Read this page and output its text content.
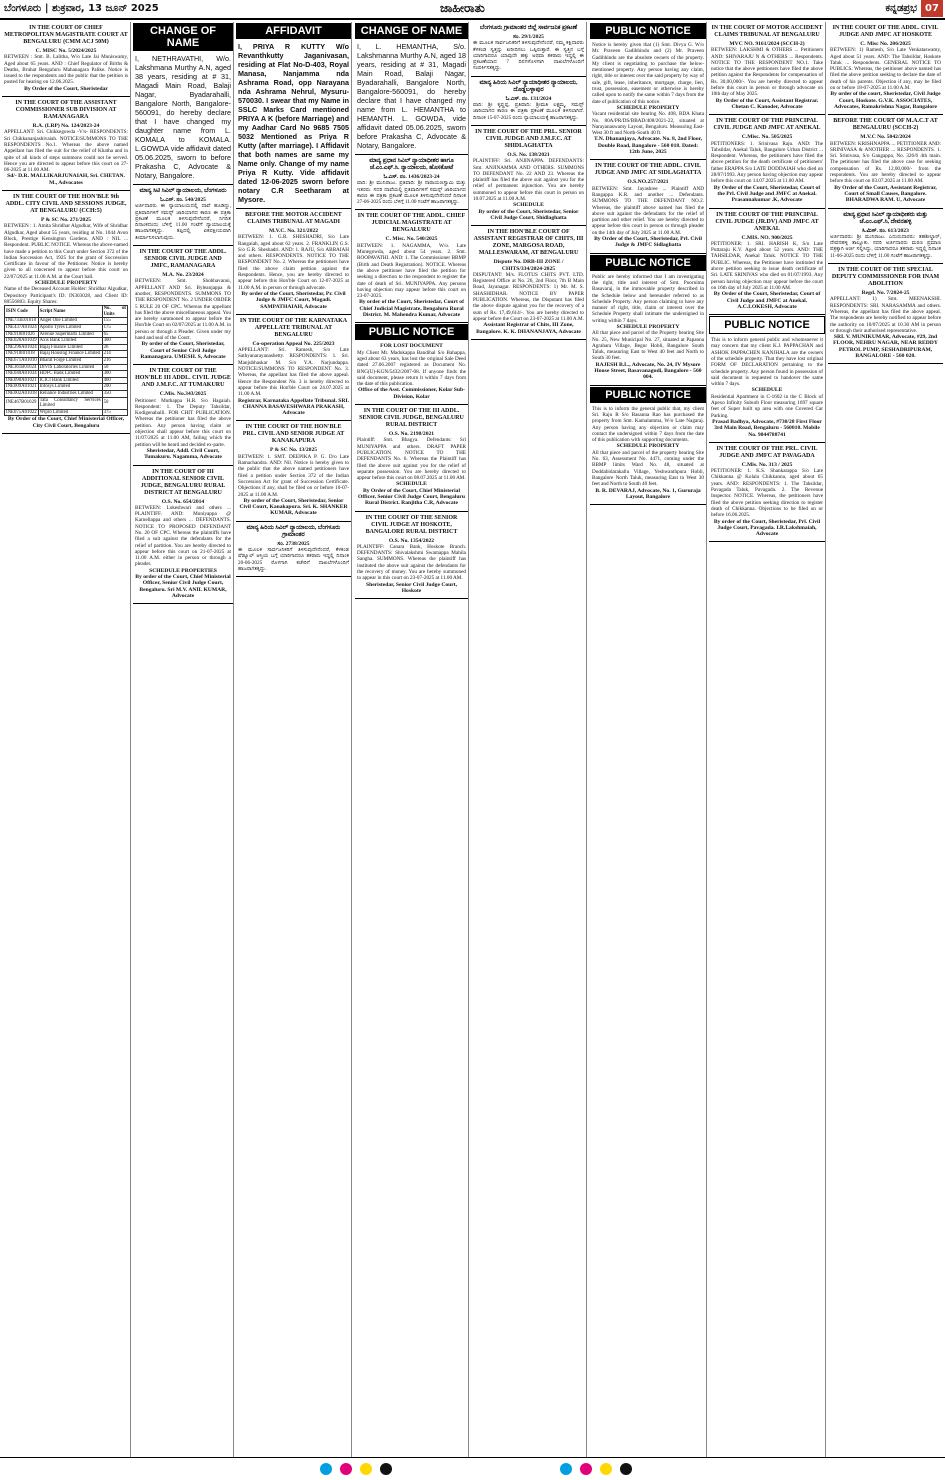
ಬೆಂಗಳೂರು | ಶುಕ್ರವಾರ, 13 ಜೂನ್ 2025	ಜಾಹೀರಾತು	ಕನ್ನಡಪ್ರಭ 07
IN THE COURT OF CHIEF METROPOLITAN MAGISTRATE COURT AT BENGALURU (CMM ACJ 50M)
C. MISC No. 5/2024/2025
BETWEEN : Smt. B. Lalitha, W/o Late Jai Muniswamy, Aged about 65 years. AND : Chief Regulator of Births & Deaths, Bruhat Bengaluru Mahanagara Palike. Notice is issued to the respondents and the public that the petition is posted for hearing on 12.06.2025.
By Order of the Court, Sheristedar
IN THE COURT OF THE ASSISTANT COMMISSIONER SUB DIVISION AT RAMANAGARA
R.A. (LRP) No. 124/2023-24
APPELLANT: Sri. Chikkegowda -V/s- RESPONDENTS: Sri Chikkananjashivaiah. NOTICE/SUMMONS TO THE RESPONDENTS No.1. Whereas the above named Appellant has filed the suit for the relief of Khatha and in spite of all kinds of steps summons could not be served. Hence you are directed to appear before this court on 27-06-2025 at 11.00 AM.
Sd/- D.R. MALLIKARJUNAIAH, Sri. CHETAN. M., Advocates
IN THE COURT OF THE HON'BLE 9th ADDL. CITY CIVIL AND SESSIONS JUDGE, AT BENGALURU (CCH:5)
P & SC No. 271/2025
BETWEEN : 1. Amita Shridhar Algudkar, Wife of Shridhar Algudkar, Aged about 55 years, residing at No. 1044 Avon Block, Prestige Kensington Gardens. AND : NIL ... Respondent. PUBLIC NOTICE. Whereas the above-named have made a petition to this Court under Section 372 of the Indian Succession Act, 1925 for the grant of Succession Certificate in favour of the Petitioner. Notice is hereby given to all concerned to appear before this court on 22/07/2025 at 11.00 A.M. at the Court hall.
SCHEDULE PROPERTY
Name of the Deceased Account Holder: Shridhar Algudkar, Depository Participant's ID: IN303028, and Client ID: 80556803. Equity Shares:
ISIN Code	Script Name	No. of Units
INE733E01010	Angel One Limited	155
INE437A01024	Apollo Tyres Limited	175
INE918I01026	Avenue Supermarts Limited	65
INE028A01039	Axis Bank Limited	300
INE296A01024	Bajaj Finance Limited	26
INE918I01018	Bajaj Housing Finance Limited	214
INE671A01010	Bharat Forge Limited	216
INE361B01024	DIVIS Laboratories Limited	50
INE040A01034	HDFC Bank Limited	300
INE090A01021	ICICI Bank Limited	460
INE009A01021	Infosys Limited	200
INE002A01018	Reliance Industries Limited	350
INE467B01029	Tata Consultancy Services Limited	50
INE075A01022	Wipro Limited	375
By Order of the Court, Chief Ministerial Officer, City Civil Court, Bengaluru
CHANGE OF NAME
I, NETHRAVATHI, W/o. Lakshmana Murthy A.N, aged 38 years, residing at # 31, Magadi Main Road, Balaji Nagar, Byadarahalli, Bangalore North, Bangalore-560091, do hereby declare that I have changed my daughter name from L. KOMALA to KOMALA. L.GOWDA vide affidavit dated 05.06.2025, sworn to before Prakasha C, Advocate & Notary, Bangalore.
ಮಾನ್ಯ ಸಿಟಿ ಸಿವಿಲ್ ನ್ಯಾಯಾಲಯ, ಬೆಂಗಳೂರು
ಓ.ಎಸ್. ನಂ. 540/2025
ಅರ್ಜಿದಾರರು ಈ ನ್ಯಾಯಾಲಯದಲ್ಲಿ ದಾವೆ ಹೂಡಿದ್ದು, ಪ್ರತಿವಾದಿಗಳಿಗೆ ಸಮನ್ಸ್ ಜಾರಿಯಾಗದ ಕಾರಣ ಈ ಪತ್ರಿಕಾ ಪ್ರಕಟಣೆ ಮೂಲಕ ತಿಳಿಸುವುದೇನೆಂದರೆ, ನಿಗದಿತ ದಿನಾಂಕದಂದು ಬೆಳಿಗ್ಗೆ 11.00 ಗಂಟೆಗೆ ನ್ಯಾಯಾಲಯಕ್ಕೆ ಹಾಜರಾಗತಕ್ಕದ್ದು. ತಪ್ಪಿದಲ್ಲಿ ಏಕಪಕ್ಷೀಯವಾಗಿ ತೀರ್ಮಾನಿಸಲಾಗುವುದು.
IN THE COURT OF THE ADDL. SENIOR CIVIL JUDGE AND JMFC, RAMANAGARA
M.A. No. 23/2024
BETWEEN: Smt. Shobhavanni, APPELLANT AND Sri. Byleanjappa & another, RESPONDENTS. SUMMONS TO THE RESPONDENT No. 2 UNDER ORDER 5 RULE 20 OF CPC. Whereas the appellant has filed the above miscellaneous appeal. You are hereby summoned to appear before the Hon'ble Court on 02/07/2025 at 11.00 A.M. in person or through a Pleader. Given under my hand and seal of the Court.
By order of the Court, Sheristedar, Court of Senior Civil Judge Ramanagara. UMESH. S, Advocate
IN THE COURT OF THE HON'BLE III ADDL. CIVIL JUDGE AND J.M.F.C. AT TUMAKURU
C.Mis. No.343/2025
Petitioner: Muthappa H.R. S/o Hagaiah. Respondent: 1. The Deputy Tahsildar, Kodigenahalli. FOR CHIT PUBLICATION. Whereas the petitioner has filed the above petition. Any person having claim or objection shall appear before this court on 11/07/2025 at 11.00 AM, failing which the petition will be heard and decided ex-parte.
Sheristedar, Addl. Civil Court, Tumakuru. Nagamma, Advocate
IN THE COURT OF III ADDITIONAL SENIOR CIVIL JUDGE, BENGALURU RURAL DISTRICT AT BENGALURU
O.S. No. 654/2014
BETWEEN: Lokeshwari and others ... PLAINTIFF. AND: Muniyappa @ Karnellappa and others ... DEFENDANTS. NOTICE TO PROPOSED DEFENDANT No. 20 OF CPC. Whereas the plaintiffs have filed a suit against the defendants for the relief of partition. You are hereby directed to appear before this court on 21-07-2025 at 11.00 A.M. either in person or through a pleader.
SCHEDULE PROPERTIES
By order of the Court, Chief Ministerial Officer, Senior Civil Judge Court, Bengaluru. Sri M.V. ANIL KUMAR, Advocate
AFFIDAVIT
I, PRIYA R KUTTY W/o Revanthkutty Jaganivasan, residing at Flat No-D-403, Royal Manasa, Nanjamma nda Ashrama Road, opp Narayana nda Ashrama Nehrul, Mysuru-570030. I swear that my Name in SSLC Marks Card mentioned PRIYA A K (before Marriage) and my Aadhar Card No 9685 7505 5032 Mentioned as Priya R Kutty (after marriage). I Affidavit that both names are same my Name only. Change of my name Priya R Kutty. Vide affidavit dated 12-06-2025 sworn before notary C.R Seetharam at Mysore.
BEFORE THE MOTOR ACCIDENT CLAIMS TRIBUNAL AT MAGADI
M.V.C. No. 321/2022
BETWEEN: 1. G.R. SHESHADRI, S/o Late Rangaiah, aged about 62 years. 2. FRANKLIN G.S. S/o G.R. Sheshadri. AND: 1. RAJU, S/o ABBAIAH and others. RESPONDENTS. NOTICE TO THE RESPONDENT No. 2. Whereas the petitioners have filed the above claim petition against the Respondents. Hence, you are hereby directed to appear before this Hon'ble Court on 12-07-2025 at 11.00 A.M. in person or through advocate.
By order of the Court, Sheristedar, Pr. Civil Judge & JMFC Court, Magadi. SAMPATHAIAH, Advocate
IN THE COURT OF THE KARNATAKA APPELLATE TRIBUNAL AT BENGALURU
Co-operation Appeal No. 225/2023
APPELLANT: Sri. Ramesh, S/o Late Sathyanarayanashetty. RESPONDENTS: 1. Sri. Manjubhaskar M. S/o Y.A. Narjundappa. NOTICE/SUMMONS TO RESPONDENT No. 3. Whereas, the appellant has filed the above appeal. Hence the Respondent No. 3 is hereby directed to appear before this Hon'ble Court on 24.07.2025 at 11.00 A.M.
Registrar, Karnataka Appellate Tribunal. SRI. CHANNA BASAVESHWARA PRAKASH, Advocate
IN THE COURT OF THE HON'BLE PRL. CIVIL AND SENIOR JUDGE AT KANAKAPURA
P & SC No. 13/2025
BETWEEN: 1. SMT. DEEPIKA P. G. D/o Late Ramachandra. AND: Nil. Notice is hereby given to the public that the above named petitioners have filed a petition under Section 372 of the Indian Succession Act for grant of Succession Certificate. Objections if any, shall be filed on or before 10-07-2025 at 11.00 A.M.
By order of the Court, Sheristedar, Senior Civil Court, Kanakapura. Sri. K. SHANKER KUMAR, Advocate
ಮಾನ್ಯ ಹಿರಿಯ ಸಿವಿಲ್ ನ್ಯಾಯಾಲಯ, ಬೆಂಗಳೂರು ಗ್ರಾಮಾಂತರ
ಸಂ. 2738/2025
ಈ ಮೂಲಕ ಸಾರ್ವಜನಿಕರಿಗೆ ತಿಳಿಸುವುದೇನೆಂದರೆ, ಕೆಳಕಂಡ ಷೆಡ್ಯೂಲ್ ಆಸ್ತಿಯ ಬಗ್ಗೆ ಯಾರಿಗಾದರೂ ತಕರಾರು ಇದ್ದಲ್ಲಿ ದಿನಾಂಕ 20-06-2025 ರೊಳಗಾಗಿ ಕಚೇರಿಗೆ ದಾಖಲೆಗಳೊಂದಿಗೆ ಹಾಜರಾಗತಕ್ಕದ್ದು.
CHANGE OF NAME
I, L. HEMANTHA, S/o. Lakshmanna Murthy A.N, aged 18 years, residing at # 31, Magadi Main Road, Balaji Nagar, Byadarahalli, Bangalore North, Bangalore-560091, do hereby declare that I have changed my name from L. HEMANTHA to HEMANTH. L. GOWDA, vide affidavit dated 05.06.2025, sworn before Prakasha C, Advocate & Notary, Bangalore.
ಮಾನ್ಯ ಪ್ರಧಾನ ಸಿವಿಲ್ ನ್ಯಾಯಾಧೀಶರ ಹಾಗೂ ಜೆ.ಎಂ.ಎಫ್.ಸಿ. ನ್ಯಾಯಾಲಯ, ಹೊಸಕೋಟೆ
ಓ.ಎಸ್. ನಂ. 1436/2023-24
ವಾದಿ: ಶ್ರೀ ಮುನಿರಾಜು. ಪ್ರತಿವಾದಿ: ಶ್ರೀ ನಾರಾಯಣಸ್ವಾಮಿ ಮತ್ತು ಇತರರು. ಸದರಿ ದಾವೆಯಲ್ಲಿ ಪ್ರತಿವಾದಿಗಳಿಗೆ ಸಮನ್ಸ್ ಜಾರಿಯಾಗದ ಕಾರಣ ಈ ಪತ್ರಿಕಾ ಪ್ರಕಟಣೆ ಮೂಲಕ ತಿಳಿಸುವುದೇನೆಂದರೆ ದಿನಾಂಕ 27-06-2025 ರಂದು ಬೆಳಿಗ್ಗೆ 11.00 ಗಂಟೆಗೆ ಹಾಜರಾಗತಕ್ಕದ್ದು.
IN THE COURT OF THE ADDL. CHIEF JUDICIAL MAGISTRATE AT BENGALURU
C. Misc. No. 540/2025
BETWEEN: 1. NAGAMMA, W/o. Late Munegowda, aged about 54 years. 2. Smt. ROOPAVATHI. AND: 1. The Commissioner BBMP (Birth and Death Registration). NOTICE. Whereas the above petitioner have filed the petition for seeking a direction to the respondent to register the date of death of Sri. MUNIYAPPA. Any persons having objection may appear before this court on 23-07-2025.
By order of the Court, Sheristedar, Court of Chief Judicial Magistrate, Bengaluru Rural District. M. Mahendra Kumar, Advocate
PUBLIC NOTICE
FOR LOST DOCUMENT
My Client Mr. Madukappa Bandihal S/o Bahappa, aged about 63 years, has lost the original Sale Deed dated 27.06.2007 registered as Document No. BNG(U)-KGN/5432/2007-08. If anyone finds the said document, please return it within 7 days from the date of this publication.
Office of the Asst. Commissioner, Kolar Sub-Division, Kolar
IN THE COURT OF THE III ADDL. SENIOR CIVIL JUDGE, BENGALURU RURAL DISTRICT
O.S. No. 2198/2021
Plaintiff: Smt. Bhagya. Defendants: Sri MUNIYAPPA and others. DRAFT PAPER PUBLICATION. NOTICE TO THE DEFENDANTS No. 6. Whereas the Plaintiff has filed the above suit against you for the relief of separate possession. You are hereby directed to appear before this court on 08.07.2025 at 11.00 AM.
SCHEDULE
By Order of the Court, Chief Ministerial Officer, Senior Civil Judge Court, Bengaluru Rural District. Ranjitha C.R, Advocate
IN THE COURT OF THE SENIOR CIVIL JUDGE AT HOSKOTE, BANGALORE RURAL DISTRICT
O.S. No. 1354/2022
PLAINTIFF: Canara Bank, Hoskote Branch. DEFENDANTS: Shivalakshmi Swamappa Mahila Sangha. SUMMONS. Whereas the plaintiff has instituted the above suit against the defendants for the recovery of money. You are hereby summoned to appear in this court on 23-07-2025 at 11.00 AM.
Sheristedar, Senior Civil Judge Court, Hoskote
ಬೆಂಗಳೂರು ಗ್ರಾಮಾಂತರ ಜಿಲ್ಲೆ ಸಾರ್ವಜನಿಕ ಪ್ರಕಟಣೆ
ಸಂ. 29/1/2025
ಈ ಮೂಲಕ ಸಾರ್ವಜನಿಕರಿಗೆ ತಿಳಿಸುವುದೇನೆಂದರೆ, ನಮ್ಮ ಕಕ್ಷಿದಾರರು ಕೆಳಕಂಡ ಸ್ವತ್ತನ್ನು ಖರೀದಿಸಲು ಒಪ್ಪಿರುತ್ತಾರೆ. ಈ ಸ್ವತ್ತಿನ ಬಗ್ಗೆ ಯಾರಿಗಾದರೂ ಯಾವುದೇ ಹಕ್ಕು ಅಥವಾ ತಕರಾರು ಇದ್ದಲ್ಲಿ ಈ ಪ್ರಕಟಣೆಯಾದ 7 ದಿನಗಳೊಳಗಾಗಿ ದಾಖಲೆಗಳೊಂದಿಗೆ ಸಂಪರ್ಕಿಸತಕ್ಕದ್ದು.
ಮಾನ್ಯ ಹಿರಿಯ ಸಿವಿಲ್ ನ್ಯಾಯಾಧೀಶರ ನ್ಯಾಯಾಲಯ, ದೊಡ್ಡಬಳ್ಳಾಪುರ
ಓ.ಎಸ್. ನಂ. 131/2024
ವಾದಿ: ಶ್ರೀ ಕೃಷ್ಣಪ್ಪ. ಪ್ರತಿವಾದಿ: ಶ್ರೀಮತಿ ಲಕ್ಷ್ಮಮ್ಮ. ಸಮನ್ಸ್ ಜಾರಿಯಾಗದ ಕಾರಣ ಈ ಪತ್ರಿಕಾ ಪ್ರಕಟಣೆ ಮೂಲಕ ತಿಳಿಸಲಾಗಿದೆ. ದಿನಾಂಕ 15-07-2025 ರಂದು ನ್ಯಾಯಾಲಯಕ್ಕೆ ಹಾಜರಾಗತಕ್ಕದ್ದು.
IN THE COURT OF THE PRL. SENIOR CIVIL JUDGE AND J.M.F.C. AT SHIDLAGHATTA
O.S. No. 138/2021
PLAINTIFF: Sri. ANJINAPPA. DEFENDANTS: Smt. ANJINAMMA AND OTHERS. SUMMONS TO DEFENDANT No. 22 AND 23. Whereas the plaintiff has filed the above suit against you for the relief of permanent injunction. You are hereby summoned to appear before this court in person on 10.07.2025 at 11.00 A.M.
SCHEDULE
By order of the Court, Sheristedar, Senior Civil Judge Court, Shidlaghatta
IN THE HON'BLE COURT OF ASSISTANT REGISTRAR OF CHITS, III ZONE, MARGOSA ROAD, MALLESWARAM, AT BENGALURU
Dispute No. DRB-III ZONE / CHITS/334/2024-2025
DISPUTANT: M/s. FLOTUS CHITS PVT. LTD. Registered Office at No. 26, 2nd Floor, 7th B Main Road, Jayanagar. RESPONDENTS: 1) Mr. M. S. SHASHIDHAR. NOTICE BY PAPER PUBLICATION. Whereas, the Disputant has filed the above dispute against you for the recovery of a sum of Rs. 17,49,614/-. You are hereby directed to appear before the Court on 23-07-2025 at 11.00 A.M.
Assistant Registrar of Chits, III Zone, Bangalore. K. K. DHANANJAYA, Advocate
PUBLIC NOTICE
Notice is hereby given that (1) Smt. Divya G. W/o Mr. Praveen Gadibhindu and (2) Mr. Praveen Gadibhindu are the absolute owners of the property. My client is negotiating to purchase the below-mentioned property. Any person having any claim, right, title or interest over the said property by way of sale, gift, lease, inheritance, mortgage, charge, lien, trust, possession, easement or otherwise is hereby called upon to notify the same within 7 days from the date of publication of this notice.
SCHEDULE PROPERTY
Vacant residential site bearing No. 408, BDA Khata No. 80A/PR/DS/BBAD/408/2021-22, situated at Narayanaswamy Layout, Bengaluru. Measuring East-West 30 ft and North-South 40 ft.
T.N. Dhananjaya, Advocate. No. 8, 2nd Floor, Double Road, Bangalore - 560 018. Dated: 12th June, 2025
IN THE COURT OF THE ADDL. CIVIL JUDGE AND JMFC AT SIDLAGHATTA
O.S.NO.257/2021
BETWEEN: Smt. Jayashree ... Plaintiff AND Rangappa K.R. and another ... Defendants. SUMMONS TO THE DEFENDANT NO.2. Whereas, the plaintiff above named has filed the above suit against the defendants for the relief of partition and other relief. You are hereby directed to appear before this court in person or through pleader on the 14th day of July 2025 at 11.00 A.M.
By Order of the Court, Sheristedar, Prl. Civil Judge & JMFC Sidlaghatta
PUBLIC NOTICE
Public are hereby informed that I am investigating the right, title and interest of Smt. Poornima Basavaraj, in the immovable property described in the Schedule below and hereunder referred to as Schedule Property. Any person claiming to have any manner of right, title, claim or interest over the Schedule Property shall intimate the undersigned in writing within 7 days.
SCHEDULE PROPERTY
All that piece and parcel of the Property bearing Site No. 25, New Municipal No. 27, situated at Papanna Agrahara Village, Begur Hobli, Bangalore South Taluk, measuring East to West 40 feet and North to South 30 feet.
RAJESH B.L., Advocate, No. 24, IV Mysore House Street, Basavanagudi, Bangalore - 560 004.
PUBLIC NOTICE
This is to inform the general public that, my client Sri. Raju R S/o Basanna Rao has purchased the property from Smt. Kamalamma, W/o Late Nagaraj. Any person having any objection or claim may contact the undersigned within 7 days from the date of this publication with supporting documents.
SCHEDULE PROPERTY
All that piece and parcel of the property bearing Site No. 63, Assessment No. 4471, coming under the BBMP limits Ward No. 48, situated at Doddabidarakallu Village, Yeshwanthpura Hobli, Bangalore North Taluk, measuring East to West 30 feet and North to South 40 feet.
B. R. DEVARAJ, Advocate, No. 1, Gururaja Layout, Bangalore
IN THE COURT OF MOTOR ACCIDENT CLAIMS TRIBUNAL AT BENGALURU
MVC NO. 9161/2024 (SCCH-2)
BETWEEN: LAKSHMI & OTHERS ... Petitioners AND: SHIVARAJU N & OTHERS ... Respondents. NOTICE TO THE RESPONDENT NO.1. Take notice that the above petitioners have filed the above petition against the Respondents for compensation of Rs. 30,00,000/-. You are hereby directed to appear before this court in person or through advocate on 10th day of May 2025.
By Order of the Court, Assistant Registrar. Chetan C. Kanoder, Advocate
IN THE COURT OF THE PRINCIPAL CIVIL JUDGE AND JMFC AT ANEKAL
C.Misc. No. 505/2025
PETITIONERS: 1. Srinivasa Raju. AND: The Tahsildar, Anekal Taluk, Bangalore Urban District ... Respondent. Whereas, the petitioners have filed the above petition for the death certificate of petitioners' father ERAPPA S/o LATE DODDAIAH who died on 28/07/1993. Any person having objection may appear before this court on 14.07.2025 at 11.00 AM.
By Order of the Court, Sheristedar, Court of the Prl. Civil Judge and JMFC at Anekal. Prasannakumar .K, Advocate
IN THE COURT OF THE PRINCIPAL CIVIL JUDGE (JR.DV) AND JMFC AT ANEKAL
C.MIS. NO. 900/2025
PETITIONER: 1. SRI. HARISH K, S/o Late Puttaraju K.V. Aged about 52 years. AND: THE TAHSILDAR, Anekal Taluk. NOTICE TO THE PUBLIC. Whereas, the Petitioner have instituted the above petition seeking to issue death certificate of Sri. LATE SRINIVAS who died on 01/07/1993. Any person having objection may appear before the court on 16th day of July 2025 at 11.00 AM.
By Order of the Court, Sheristedar, Court of Civil Judge and JMFC at Anekal. A.C.LOKESH, Advocate
PUBLIC NOTICE
This is to inform general public and whomsoever it may concern that my client K.J. PAPPACHAN and ASHOK PAPPACHEN KANJHALA are the owners of the schedule property. That they have lost original FORM OF DECLARATION pertaining to the schedule property. Any person found in possession of said document is requested to handover the same within 7 days.
SCHEDULE
Residential Apartment in C-1602 in the C Block of Apexo Infinity Suburb Floor measuring 1697 square feet of Super built up area with one Covered Car Parking.
Prasad Badhya, Advocate, #730/28 First Floor 3rd Main Road, Bengaluru - 560010. Mobile No. 9844788741
IN THE COURT OF THE PRL. CIVIL JUDGE AND JMFC AT PAVAGADA
C.Mis. No. 313 / 2025
PETITIONER: 1. K.S. Shankarappa S/o Late Chikkanna @ Kolala Chikkanna, aged about 65 years. AND: RESPONDENTS: 1. The Tahsildar, Pavagada Taluk, Pavagada. 2. The Revenue Inspector. NOTICE. Whereas, the petitioners have filed the above petition seeking direction to register death of Chikkanna. Objections to be filed on or before 16.06.2025.
By order of the Court, Sheristedar, Prl. Civil Judge Court, Pavagada. I.R.Lakshmaiah, Advocate
IN THE COURT OF THE ADDL. CIVIL JUDGE AND JMFC AT HOSKOTE
C. Misc No. 206/2025
BETWEEN: 1) Ramesh, S/o Late Venkataswamy, Aged about 51 years. AND: The Tahsildar, Hoskote Taluk ... Respondents. GENERAL NOTICE TO PUBLICS. Whereas, the petitioner above named has filed the above petition seeking to declare the date of death of his parents. Objection if any, may be filed on or before 18-07-2025 at 11.00 A.M.
By order of the court, Sheristedar, Civil Judge Court, Hoskote. G.V.K. ASSOCIATES, Advocates, Ramakrishna Nagar, Bangalore
BEFORE THE COURT OF M.A.C.T AT BENGALURU (SCCH-2)
M.V.C No. 5042/2024
BETWEEN: KRISHNAPPA ... PETITIONER AND: SRINIVASA & ANOTHER ... RESPONDENTS. 1. Sri. Srinivasa, S/o Gangappa, No. 326/6 4th main. The petitioner has filed the above case for seeking compensation of Rs. 12,00,000/- from the respondents. You are hereby directed to appear before this court on 03.07.2025 at 11.00 AM.
By Order of the Court, Assistant Registrar, Court of Small Causes, Bangalore. BHARADWA RAM. U, Advocate
ಮಾನ್ಯ ಪ್ರಧಾನ ಸಿವಿಲ್ ನ್ಯಾಯಾಧೀಶರು ಮತ್ತು ಜೆ.ಎಂ.ಎಫ್.ಸಿ, ದೇವನಹಳ್ಳಿ
ಸಿ.ಮಿಸ್. ನಂ. 613/2023
ಅರ್ಜಿದಾರರು: ಶ್ರೀ ಮುನಿರಾಜು. ಎದುರುದಾರರು: ತಹಶೀಲ್ದಾರ್, ದೇವನಹಳ್ಳಿ ತಾಲ್ಲೂಕು. ಸದರಿ ಅರ್ಜಿದಾರರು ಮರಣ ಪ್ರಮಾಣ ಪತ್ರಕ್ಕಾಗಿ ಅರ್ಜಿ ಸಲ್ಲಿಸಿದ್ದು, ಯಾರಿಗಾದರೂ ತಕರಾರು ಇದ್ದಲ್ಲಿ ದಿನಾಂಕ 11-06-2025 ರಂದು ಬೆಳಿಗ್ಗೆ 11.00 ಗಂಟೆಗೆ ಹಾಜರಾಗತಕ್ಕದ್ದು.
IN THE COURT OF THE SPECIAL DEPUTY COMMISSIONER FOR INAM ABOLITION
Regd. No. 7/2024-25
APPELLANT: 1) Smt. MEENAKSHI. RESPONDENTS: SRI. NARASAMMA and others. Whereas, the appellant has filed the above appeal. The respondents are hereby notified to appear before the authority on 10/07/2025 at 10.30 AM in person or through their authorised representative.
SRI. V. MUNIKUMAR, Advocate, #29, 2nd FLOOR, NEHRU NAGAR, NEAR REDDY PETROL PUMP, SESHADRIPURAM, BANGALORE - 560 020.
